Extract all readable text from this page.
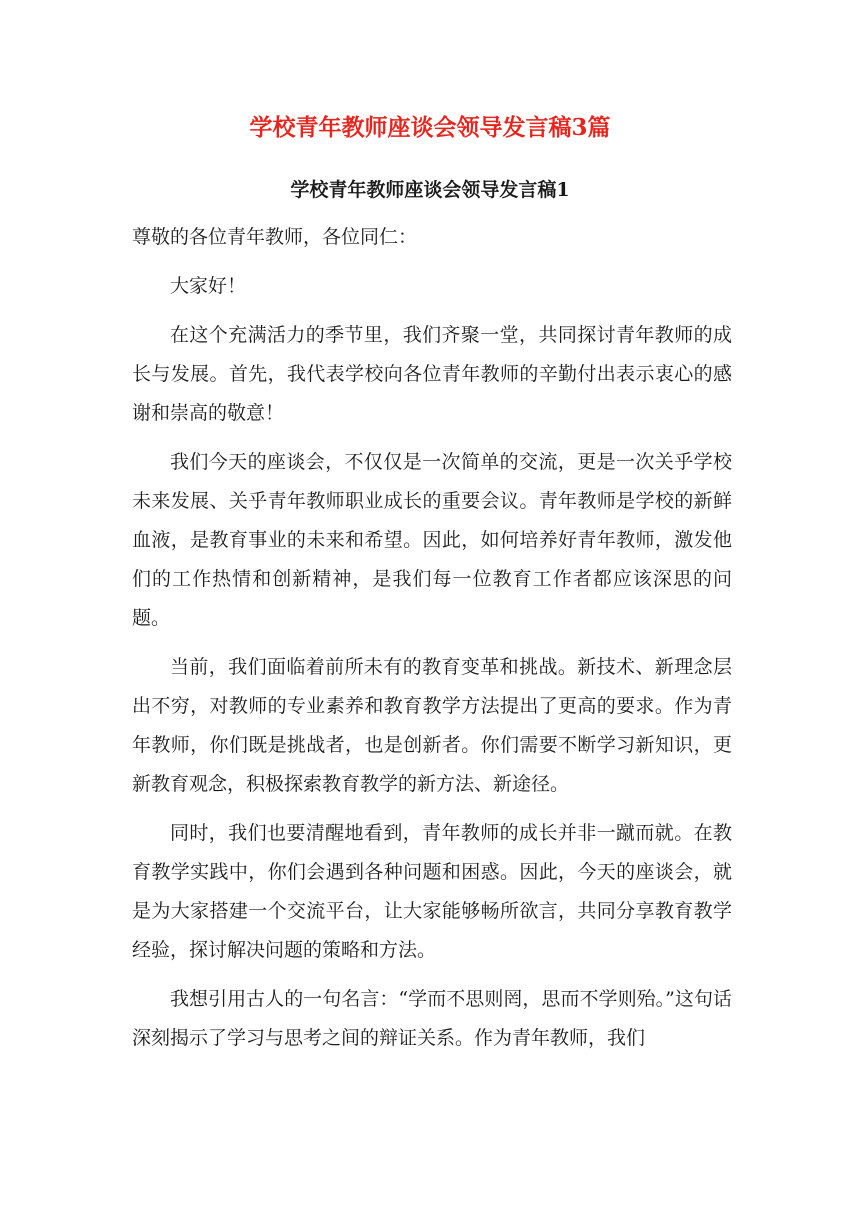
学校青年教师座谈会领导发言稿3篇
学校青年教师座谈会领导发言稿1

尊敬的各位青年教师，各位同仁：

大家好！

在这个充满活力的季节里，我们齐聚一堂，共同探讨青年教师的成长与发展。首先，我代表学校向各位青年教师的辛勤付出表示衷心的感谢和崇高的敬意！

我们今天的座谈会，不仅仅是一次简单的交流，更是一次关乎学校未来发展、关乎青年教师职业成长的重要会议。青年教师是学校的新鲜血液，是教育事业的未来和希望。因此，如何培养好青年教师，激发他们的工作热情和创新精神，是我们每一位教育工作者都应该深思的问题。

当前，我们面临着前所未有的教育变革和挑战。新技术、新理念层出不穷，对教师的专业素养和教育教学方法提出了更高的要求。作为青年教师，你们既是挑战者，也是创新者。你们需要不断学习新知识，更新教育观念，积极探索教育教学的新方法、新途径。

同时，我们也要清醒地看到，青年教师的成长并非一蹴而就。在教育教学实践中，你们会遇到各种问题和困惑。因此，今天的座谈会，就是为大家搭建一个交流平台，让大家能够畅所欲言，共同分享教育教学经验，探讨解决问题的策略和方法。

我想引用古人的一句名言：“学而不思则罔，思而不学则殆。”这句话深刻揭示了学习与思考之间的辩证关系。作为青年教师，我们
